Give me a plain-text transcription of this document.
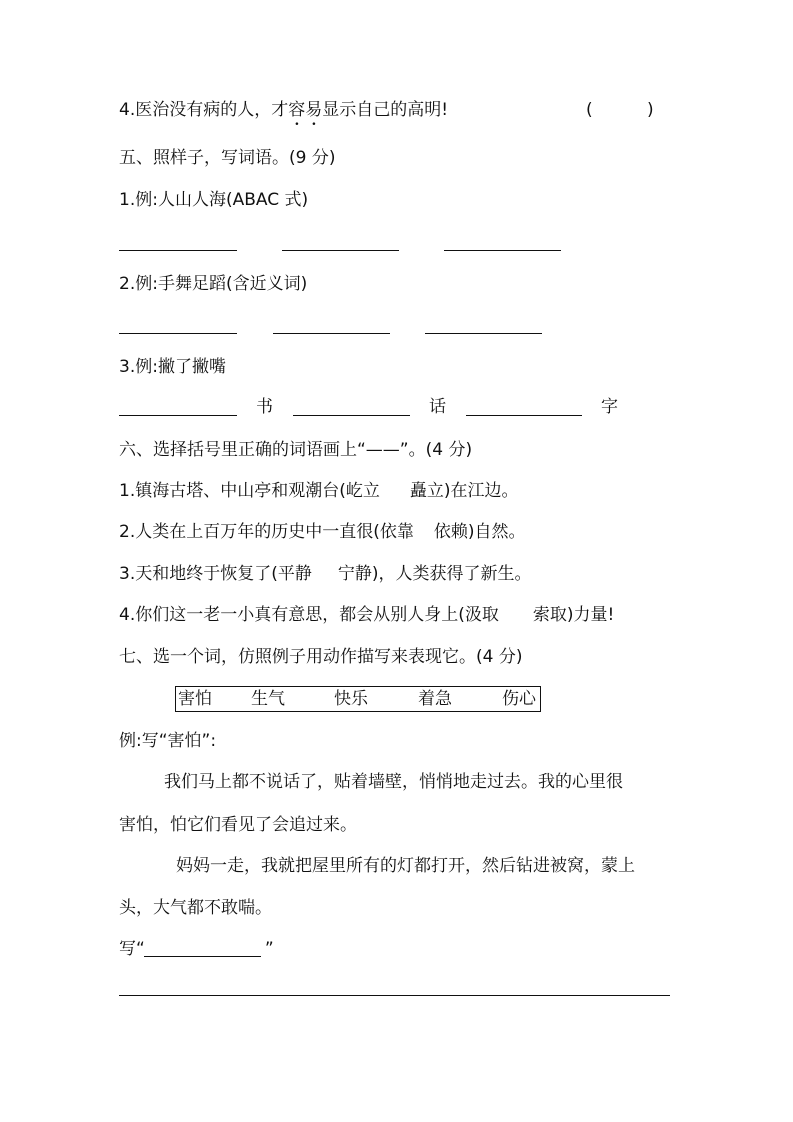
4.医治没有病的人，才容易显示自己的高明!	(	)
五、照样子，写词语。(9 分)
1.例:人山人海(ABAC 式)
2.例:手舞足蹈(含近义词)
3.例:撇了撇嘴
书	话	字
六、选择括号里正确的词语画上“——”。(4 分)
1.镇海古塔、中山亭和观潮台(屹立 矗立)在江边。
2.人类在上百万年的历史中一直很(依靠 依赖)自然。
3.天和地终于恢复了(平静 宁静)，人类获得了新生。
4.你们这一老一小真有意思，都会从别人身上(汲取 索取)力量!
七、选一个词，仿照例子用动作描写来表现它。(4 分)
害怕 生气	快乐	着急	伤心
例:写“害怕”:
我们马上都不说话了，贴着墙壁，悄悄地走过去。我的心里很
害怕，怕它们看见了会追过来。
妈妈一走，我就把屋里所有的灯都打开，然后钻进被窝，蒙上
头，大气都不敢喘。
写“	”
